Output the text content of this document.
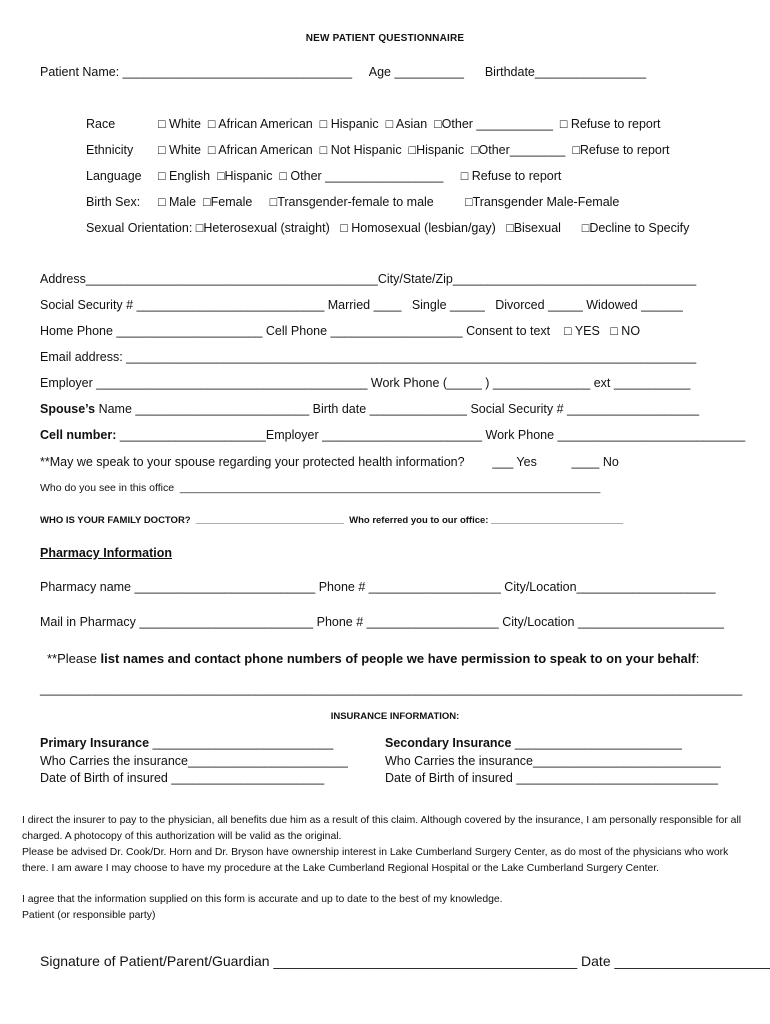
NEW PATIENT QUESTIONNAIRE
Patient Name: _________________________________     Age __________      Birthdate________________
Race	□ White  □ African American  □ Hispanic  □ Asian  □Other ___________  □ Refuse to report
Ethnicity □ White  □ African American  □ Not Hispanic  □Hispanic  □Other________  □Refuse to report
Language □ English  □Hispanic  □ Other _________________     □ Refuse to report
Birth Sex: □ Male  □Female     □Transgender-female to male         □Transgender Male-Female
Sexual Orientation: □Heterosexual (straight)   □ Homosexual (lesbian/gay)   □Bisexual      □Decline to Specify
Address__________________________________________City/State/Zip___________________________________
Social Security # ___________________________ Married ____   Single _____   Divorced _____ Widowed ______
Home Phone _____________________ Cell Phone ___________________ Consent to text    □ YES   □ NO
Email address: __________________________________________________________________________________
Employer _______________________________________ Work Phone (_____ ) ______________ ext ___________
Spouse’s Name _________________________ Birth date ______________ Social Security # ___________________
Cell number: _____________________Employer _______________________ Work Phone ___________________________
**May we speak to your spouse regarding your protected health information?        ___ Yes          ____ No
Who do you see in this office  ________________________________________________________________________
WHO IS YOUR FAMILY DOCTOR?  ____________________________  Who referred you to our office: _________________________
Pharmacy Information
Pharmacy name __________________________ Phone # ___________________ City/Location____________________
Mail in Pharmacy _________________________ Phone # ___________________ City/Location _____________________
**Please list names and contact phone numbers of people we have permission to speak to on your behalf:
_____________________________________________________________________________________________________
INSURANCE INFORMATION:
Primary Insurance __________________________
Who Carries the insurance_______________________
Date of Birth of insured ______________________
Secondary Insurance ________________________
Who Carries the insurance___________________________
Date of Birth of insured _____________________________
I direct the insurer to pay to the physician, all benefits due him as a result of this claim. Although covered by the insurance, I am personally responsible for all charged. A photocopy of this authorization will be valid as the original.
Please be advised Dr. Cook/Dr. Horn and Dr. Bryson have ownership interest in Lake Cumberland Surgery Center, as do most of the physicians who work there. I am aware I may choose to have my procedure at the Lake Cumberland Regional Hospital or the Lake Cumberland Surgery Center.
I agree that the information supplied on this form is accurate and up to date to the best of my knowledge.
Patient (or responsible party)
Signature of Patient/Parent/Guardian _______________________________________ Date ____________________
